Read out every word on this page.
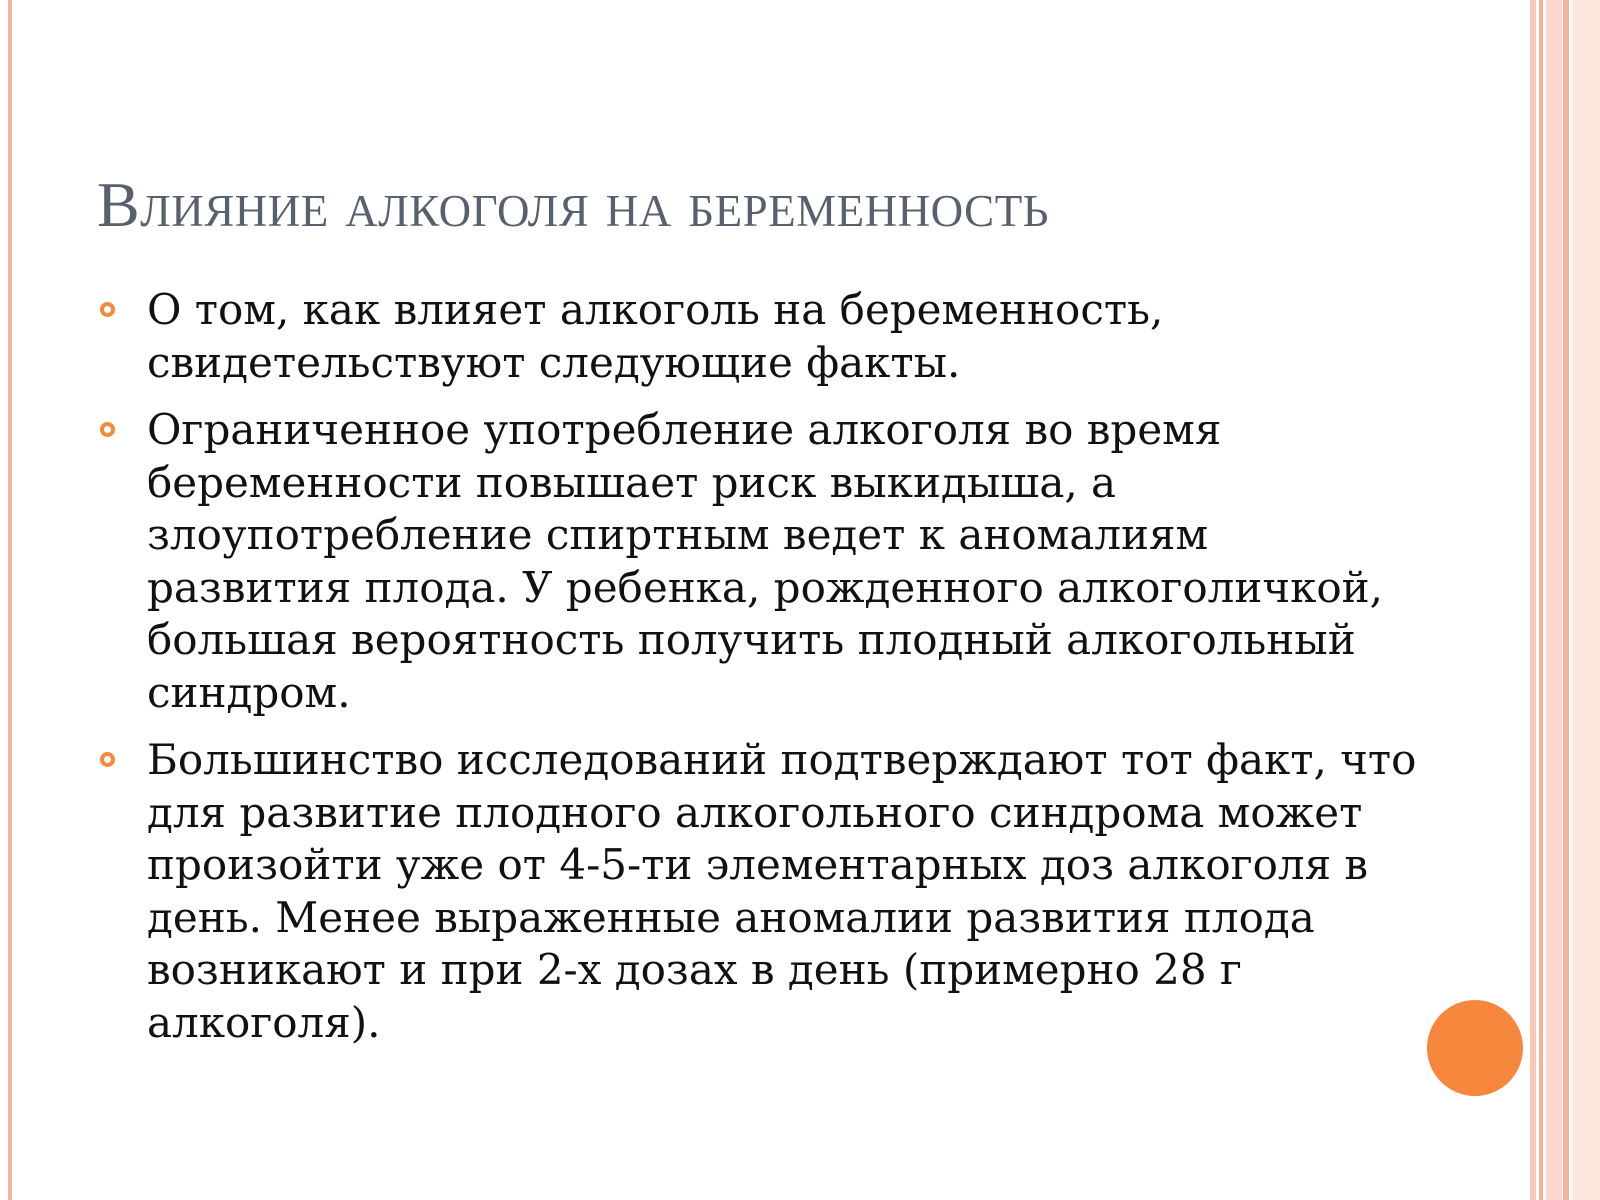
Влияние алкоголя на беременность
О том, как влияет алкоголь на беременность, свидетельствуют следующие факты.
Ограниченное употребление алкоголя во время беременности повышает риск выкидыша, а злоупотребление спиртным ведет к аномалиям развития плода. У ребенка, рожденного алкоголичкой, большая вероятность получить плодный алкогольный синдром.
Большинство исследований подтверждают тот факт, что для развитие плодного алкогольного синдрома может произойти уже от 4-5-ти элементарных доз алкоголя в день. Менее выраженные аномалии развития плода возникают и при 2-х дозах в день (примерно 28 г алкоголя).
